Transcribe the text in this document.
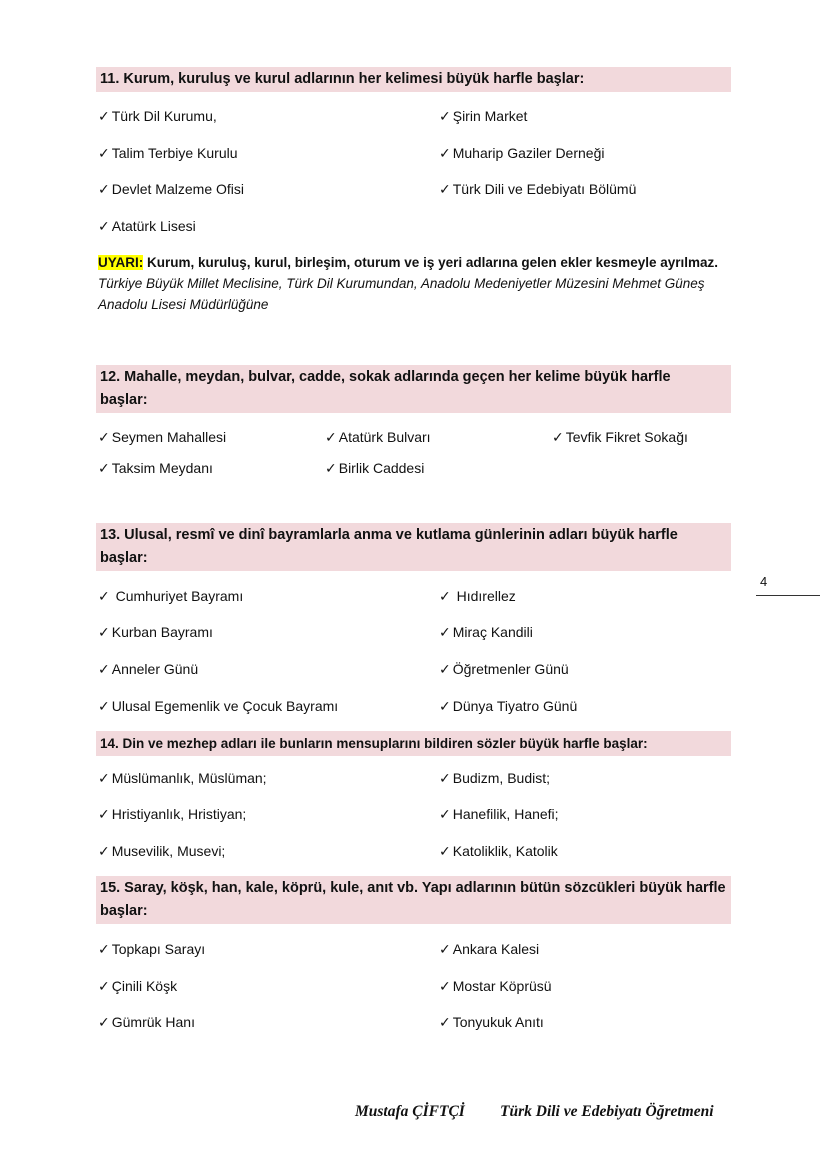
11. Kurum, kuruluş ve kurul adlarının her kelimesi büyük harfle başlar:
✓ Türk Dil Kurumu,	✓ Şirin Market
✓ Talim Terbiye Kurulu	✓ Muharip Gaziler Derneği
✓ Devlet Malzeme Ofisi	✓ Türk Dili ve Edebiyatı Bölümü
✓ Atatürk Lisesi
UYARI: Kurum, kuruluş, kurul, birleşim, oturum ve iş yeri adlarına gelen ekler kesmeyle ayrılmaz. Türkiye Büyük Millet Meclisine, Türk Dil Kurumundan, Anadolu Medeniyetler Müzesini Mehmet Güneş Anadolu Lisesi Müdürlüğüne
12. Mahalle, meydan, bulvar, cadde, sokak adlarında geçen her kelime büyük harfle
başlar:
✓ Seymen Mahallesi	✓ Atatürk Bulvarı	✓ Tevfik Fikret Sokağı
✓ Taksim Meydanı	✓ Birlik Caddesi
13. Ulusal, resmî ve dinî bayramlarla anma ve kutlama günlerinin adları büyük harfle
başlar:
✓ Cumhuriyet Bayramı	✓ Hıdırellez
✓ Kurban Bayramı	✓ Miraç Kandili
✓ Anneler Günü	✓ Öğretmenler Günü
✓ Ulusal Egemenlik ve Çocuk Bayramı	✓ Dünya Tiyatro Günü
14. Din ve mezhep adları ile bunların mensuplarını bildiren sözler büyük harfle başlar:
✓ Müslümanlık, Müslüman;	✓ Budizm, Budist;
✓ Hristiyanlık, Hristiyan;	✓ Hanefilik, Hanefi;
✓ Musevilik, Musevi;	✓ Katoliklik, Katolik
15. Saray, köşk, han, kale, köprü, kule, anıt vb. Yapı adlarının bütün sözcükleri büyük harfle
başlar:
✓ Topkapı Sarayı	✓ Ankara Kalesi
✓ Çinili Köşk	✓ Mostar Köprüsü
✓ Gümrük Hanı	✓ Tonyukuk Anıtı
4
Mustafa ÇİFTÇİ Türk Dili ve Edebiyatı Öğretmeni
